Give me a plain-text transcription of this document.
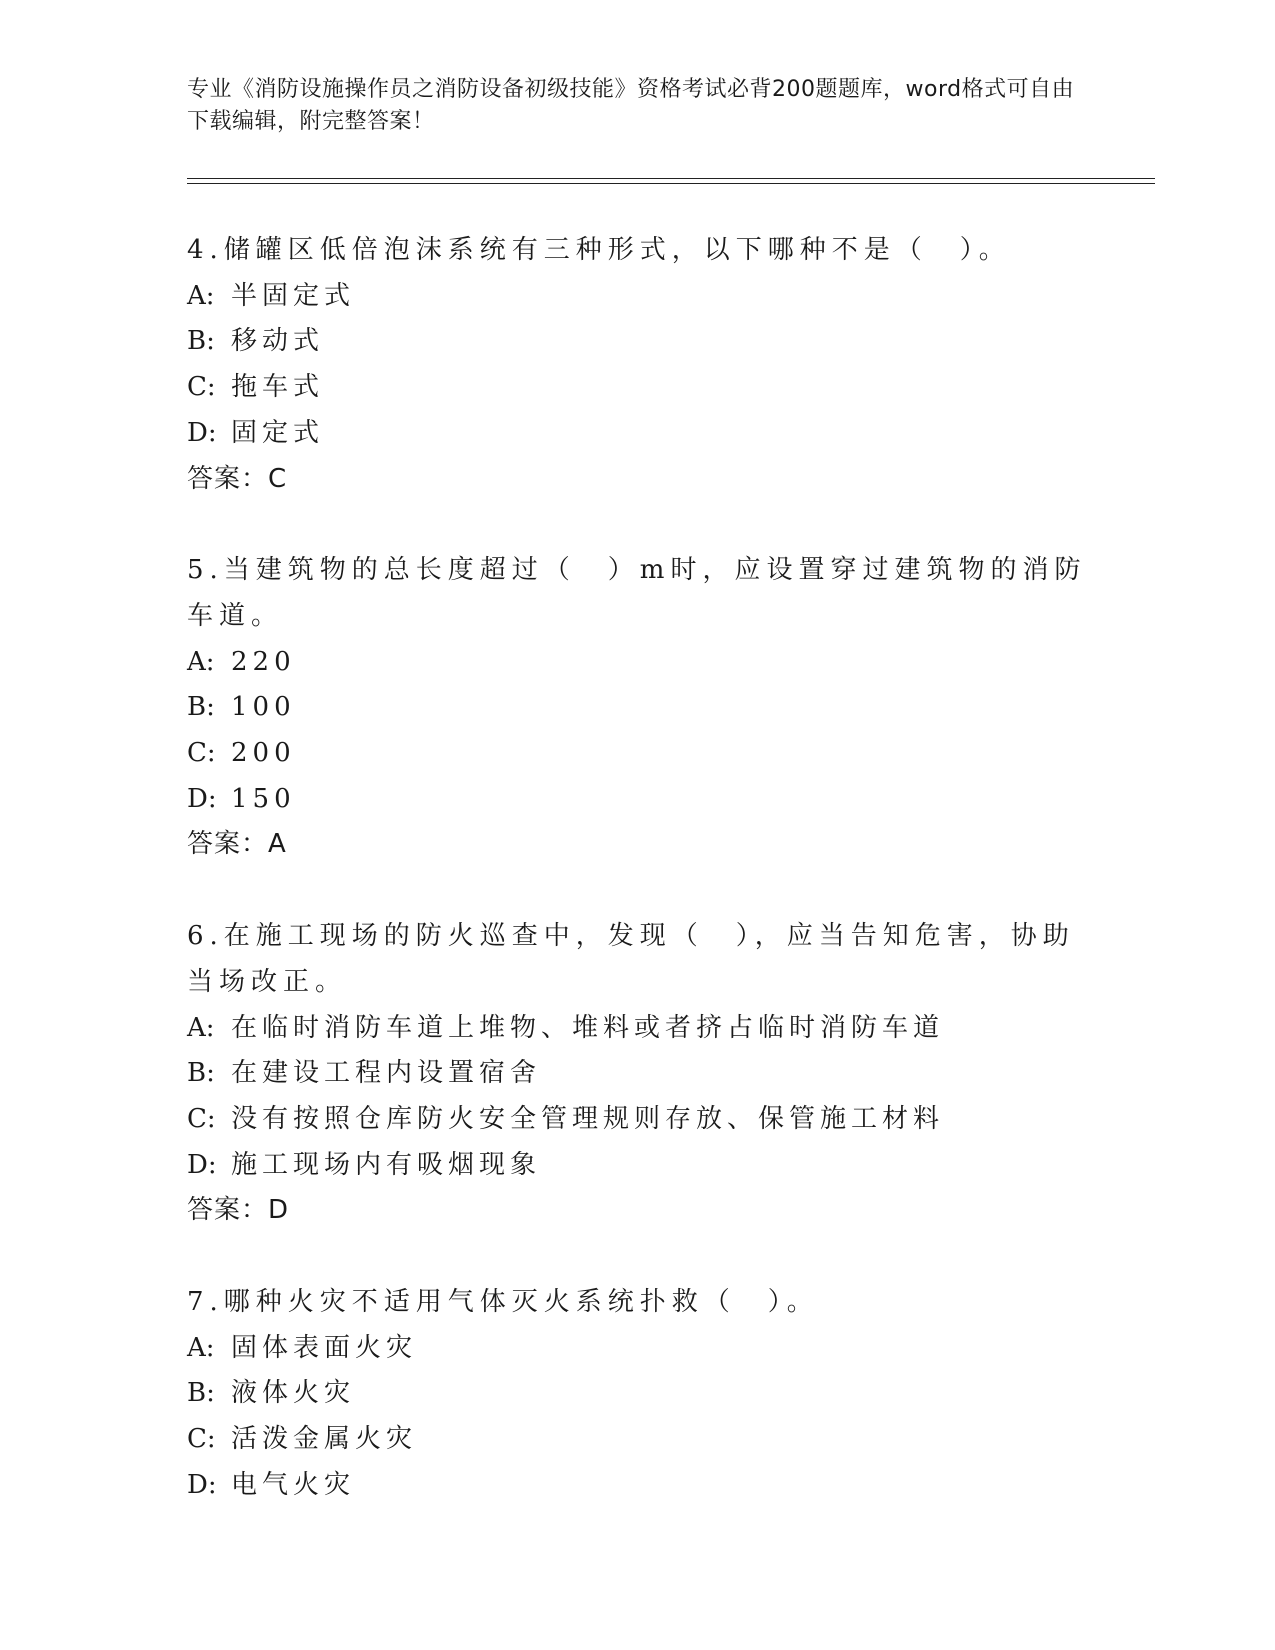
专业《消防设施操作员之消防设备初级技能》资格考试必背200题题库，word格式可自由下载编辑，附完整答案！
4.储罐区低倍泡沫系统有三种形式，以下哪种不是（　）。
A: 半固定式
B: 移动式
C: 拖车式
D: 固定式
答案：C
5.当建筑物的总长度超过（　）m时，应设置穿过建筑物的消防车道。
A: 220
B: 100
C: 200
D: 150
答案：A
6.在施工现场的防火巡查中，发现（　），应当告知危害，协助当场改正。
A: 在临时消防车道上堆物、堆料或者挤占临时消防车道
B: 在建设工程内设置宿舍
C: 没有按照仓库防火安全管理规则存放、保管施工材料
D: 施工现场内有吸烟现象
答案：D
7.哪种火灾不适用气体灭火系统扑救（　）。
A: 固体表面火灾
B: 液体火灾
C: 活泼金属火灾
D: 电气火灾
